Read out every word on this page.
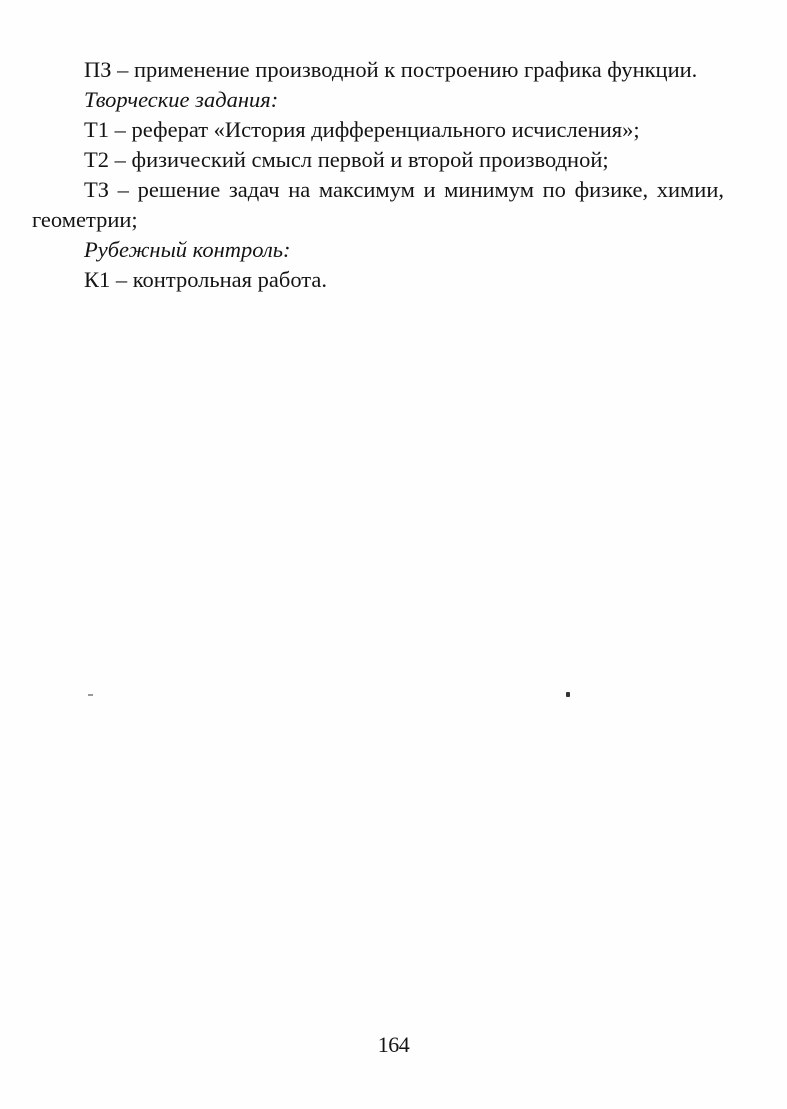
ПЗ – применение производной к построению графика функции.

Творческие задания:

Т1 – реферат «История дифференциального исчисления»;

Т2 – физический смысл первой и второй производной;

ТЗ – решение задач на максимум и минимум по физике, химии, геометрии;

Рубежный контроль:

К1 – контрольная работа.

164
